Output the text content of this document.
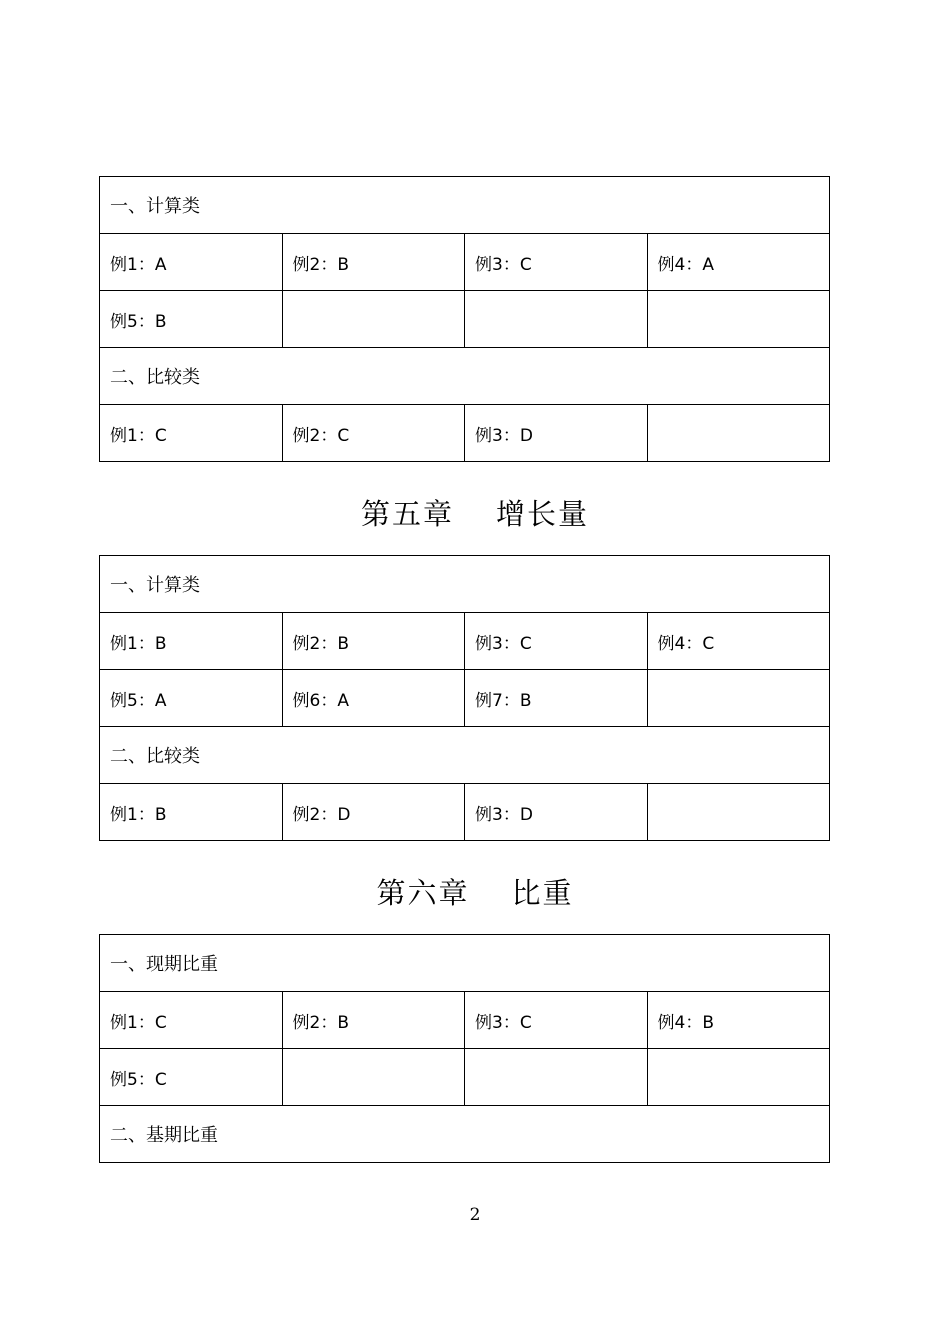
一、计算类			
例1：A	例2：B	例3：C	例4：A
例5：B			
二、比较类			
例1：C	例2：C	例3：D	
第五章 增长量
一、计算类			
例1：B	例2：B	例3：C	例4：C
例5：A	例6：A	例7：B	
二、比较类			
例1：B	例2：D	例3：D	
第六章 比重
一、现期比重			
例1：C	例2：B	例3：C	例4：B
例5：C			
二、基期比重			
2
